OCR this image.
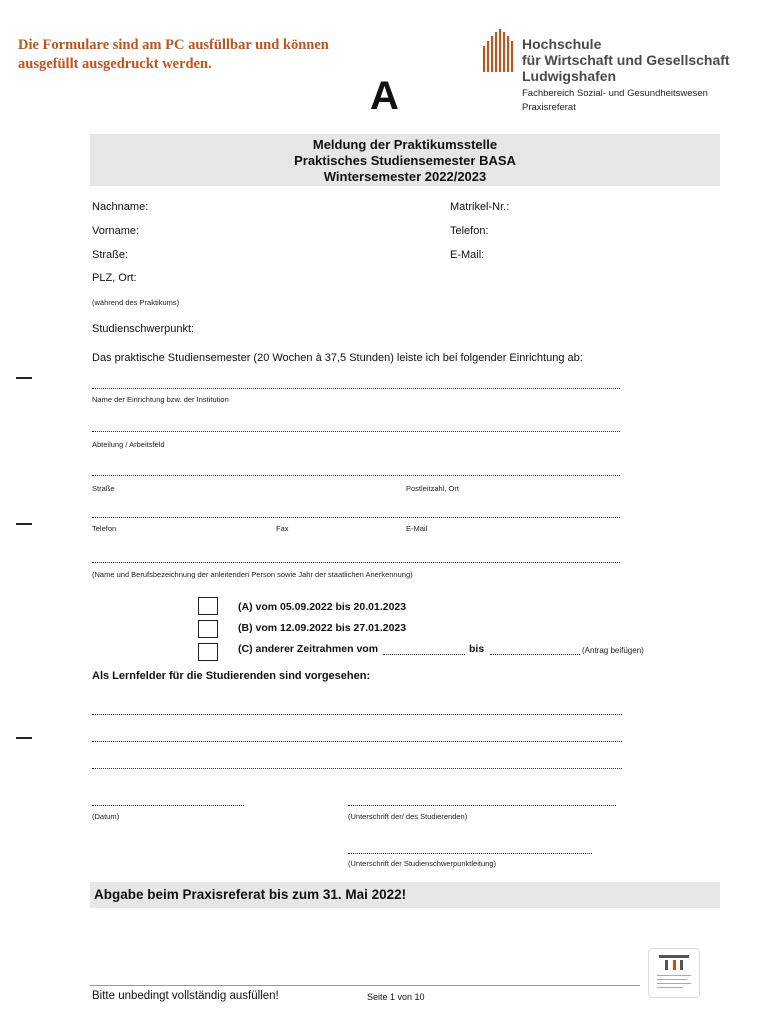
Die Formulare sind am PC ausfüllbar und können
ausgefüllt ausgedruckt werden.
A
Hochschule
für Wirtschaft und Gesellschaft
Ludwigshafen
Fachbereich Sozial- und Gesundheitswesen
Praxisreferat
Meldung der Praktikumsstelle
Praktisches Studiensemester BASA
Wintersemester 2022/2023
Nachname:	Matrikel-Nr.:
Vorname:	Telefon:
Straße:	E-Mail:
PLZ, Ort:
(während des Praktikums)
Studienschwerpunkt:
Das praktische Studiensemester (20 Wochen à 37,5 Stunden) leiste ich bei folgender Einrichtung ab:
Name der Einrichtung bzw. der Institution
Abteilung / Arbeitsfeld
Straße	Postleitzahl, Ort
Telefon	Fax	E-Mail
(Name und Berufsbezeichnung der anleitenden Person sowie Jahr der staatlichen Anerkennung)
(A) vom 05.09.2022 bis 20.01.2023
(B) vom 12.09.2022 bis 27.01.2023
(C) anderer Zeitrahmen vom	bis	(Antrag beifügen)
Als Lernfelder für die Studierenden sind vorgesehen:
(Datum)	(Unterschrift der/ des Studierenden)
(Unterschrift der Studienschwerpunktleitung)
Abgabe beim Praxisreferat bis zum 31. Mai 2022!
Bitte unbedingt vollständig ausfüllen!	Seite 1 von 10
